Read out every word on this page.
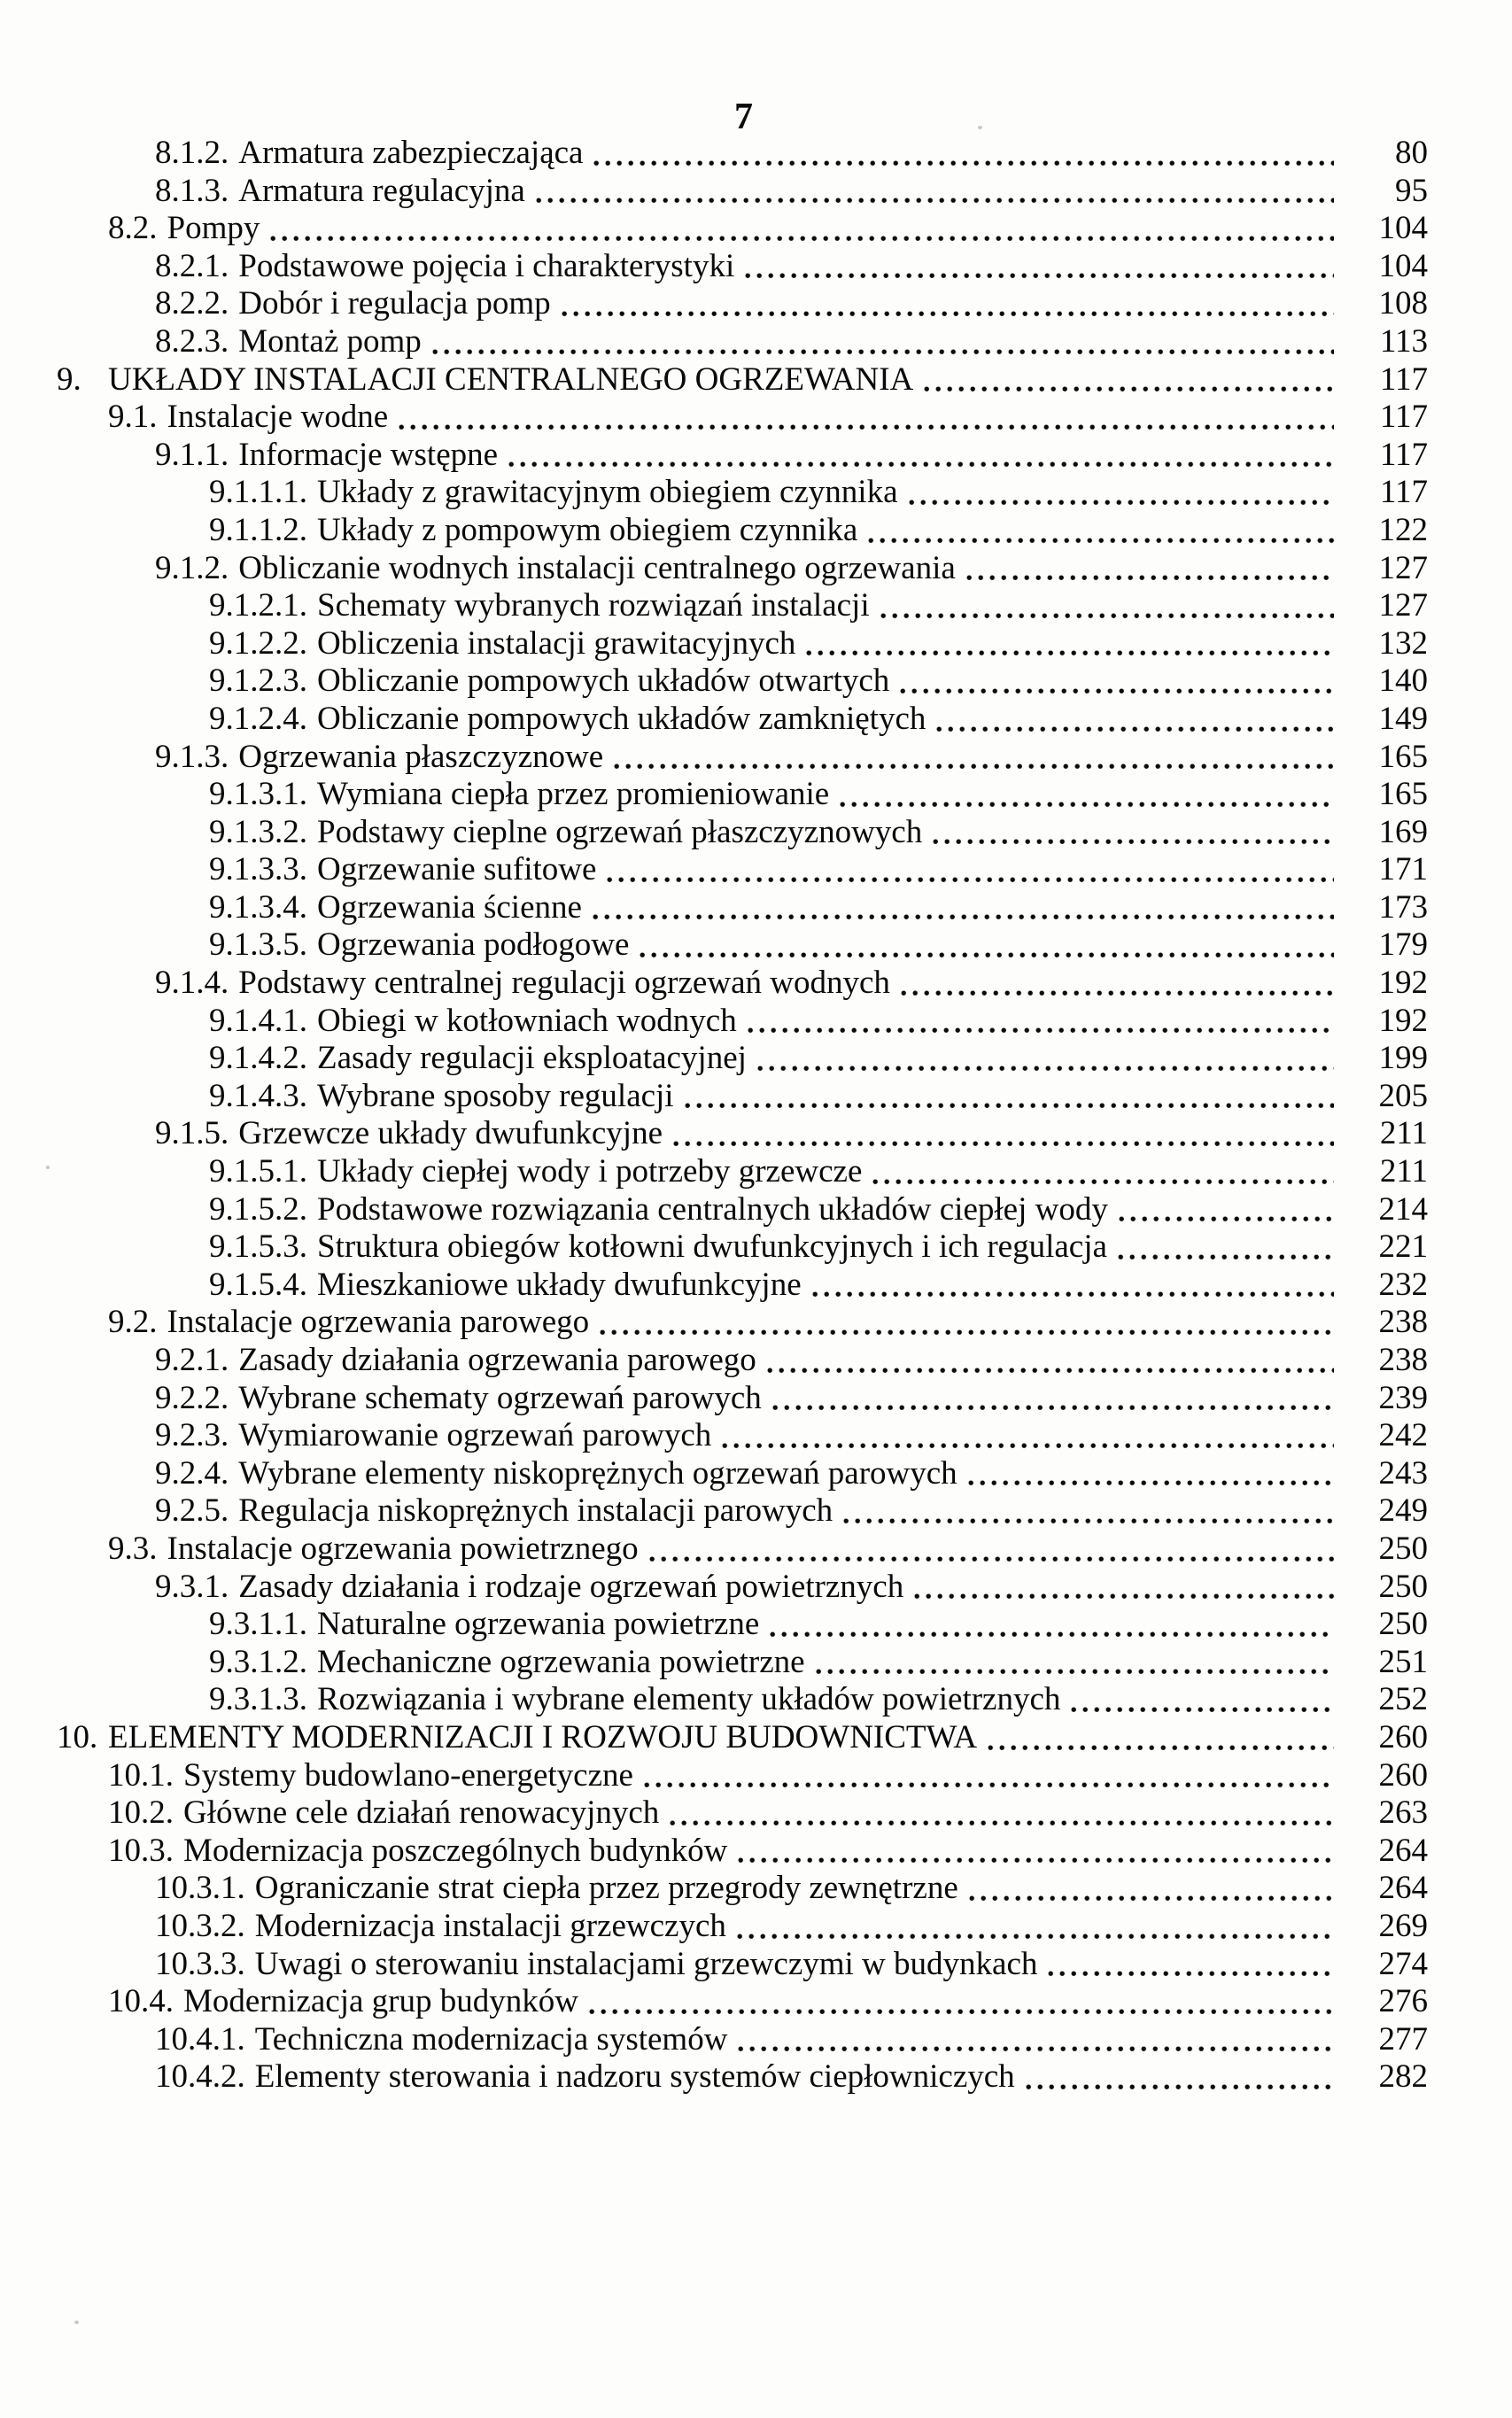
7
8.1.2. Armatura zabezpieczająca	80
8.1.3. Armatura regulacyjna	95
8.2. Pompy	104
8.2.1. Podstawowe pojęcia i charakterystyki	104
8.2.2. Dobór i regulacja pomp	108
8.2.3. Montaż pomp	113
9. UKŁADY INSTALACJI CENTRALNEGO OGRZEWANIA	117
9.1. Instalacje wodne	117
9.1.1. Informacje wstępne	117
9.1.1.1. Układy z grawitacyjnym obiegiem czynnika	117
9.1.1.2. Układy z pompowym obiegiem czynnika	122
9.1.2. Obliczanie wodnych instalacji centralnego ogrzewania	127
9.1.2.1. Schematy wybranych rozwiązań instalacji	127
9.1.2.2. Obliczenia instalacji grawitacyjnych	132
9.1.2.3. Obliczanie pompowych układów otwartych	140
9.1.2.4. Obliczanie pompowych układów zamkniętych	149
9.1.3. Ogrzewania płaszczyznowe	165
9.1.3.1. Wymiana ciepła przez promieniowanie	165
9.1.3.2. Podstawy cieplne ogrzewań płaszczyznowych	169
9.1.3.3. Ogrzewanie sufitowe	171
9.1.3.4. Ogrzewania ścienne	173
9.1.3.5. Ogrzewania podłogowe	179
9.1.4. Podstawy centralnej regulacji ogrzewań wodnych	192
9.1.4.1. Obiegi w kotłowniach wodnych	192
9.1.4.2. Zasady regulacji eksploatacyjnej	199
9.1.4.3. Wybrane sposoby regulacji	205
9.1.5. Grzewcze układy dwufunkcyjne	211
9.1.5.1. Układy ciepłej wody i potrzeby grzewcze	211
9.1.5.2. Podstawowe rozwiązania centralnych układów ciepłej wody	214
9.1.5.3. Struktura obiegów kotłowni dwufunkcyjnych i ich regulacja	221
9.1.5.4. Mieszkaniowe układy dwufunkcyjne	232
9.2. Instalacje ogrzewania parowego	238
9.2.1. Zasady działania ogrzewania parowego	238
9.2.2. Wybrane schematy ogrzewań parowych	239
9.2.3. Wymiarowanie ogrzewań parowych	242
9.2.4. Wybrane elementy niskoprężnych ogrzewań parowych	243
9.2.5. Regulacja niskoprężnych instalacji parowych	249
9.3. Instalacje ogrzewania powietrznego	250
9.3.1. Zasady działania i rodzaje ogrzewań powietrznych	250
9.3.1.1. Naturalne ogrzewania powietrzne	250
9.3.1.2. Mechaniczne ogrzewania powietrzne	251
9.3.1.3. Rozwiązania i wybrane elementy układów powietrznych	252
10. ELEMENTY MODERNIZACJI I ROZWOJU BUDOWNICTWA	260
10.1. Systemy budowlano-energetyczne	260
10.2. Główne cele działań renowacyjnych	263
10.3. Modernizacja poszczególnych budynków	264
10.3.1. Ograniczanie strat ciepła przez przegrody zewnętrzne	264
10.3.2. Modernizacja instalacji grzewczych	269
10.3.3. Uwagi o sterowaniu instalacjami grzewczymi w budynkach	274
10.4. Modernizacja grup budynków	276
10.4.1. Techniczna modernizacja systemów	277
10.4.2. Elementy sterowania i nadzoru systemów ciepłowniczych	282
